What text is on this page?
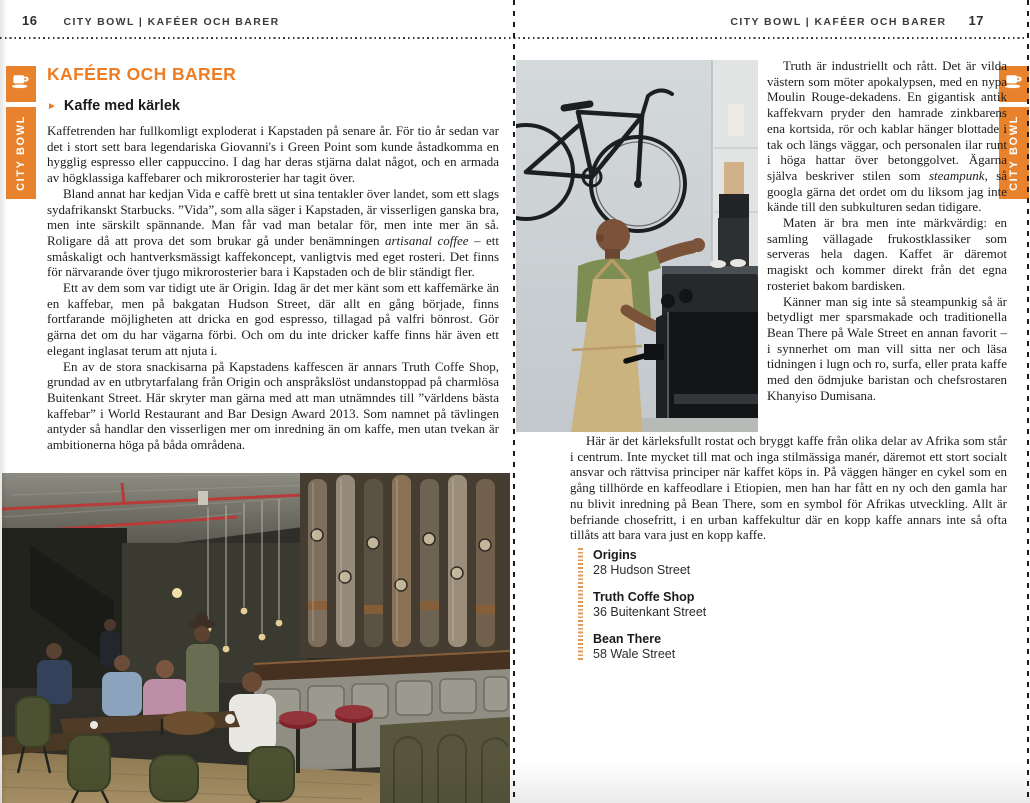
16 CITY BOWL | KAFÉER OCH BARER	CITY BOWL | KAFÉER OCH BARER 17
CITY BOWL	CITY BOWL
KAFÉER OCH BARER
► Kaffe med kärlek

Kaffetrenden har fullkomligt exploderat i Kapstaden på senare år. För tio år sedan var det i stort sett bara legendariska Giovanni's i Green Point som kunde åstadkomma en hygglig espresso eller cappuccino. I dag har deras stjärna dalat något, och en armada av högklassiga kaffebarer och mikrorosterier har tagit över.

Bland annat har kedjan Vida e caffè brett ut sina tentakler över landet, som ett slags sydafrikanskt Starbucks. ”Vida”, som alla säger i Kapstaden, är visserligen ganska bra, men inte särskilt spännande. Man får vad man betalar för, men inte mer än så. Roligare då att prova det som brukar gå under benämningen artisanal coffee – ett småskaligt och hantverksmässigt kaffekoncept, vanligtvis med eget rosteri. Det finns för närvarande över tjugo mikrorosterier bara i Kapstaden och de blir ständigt fler.

Ett av dem som var tidigt ute är Origin. Idag är det mer känt som ett kaffemärke än en kaffebar, men på bakgatan Hudson Street, där allt en gång började, finns fortfarande möjligheten att dricka en god espresso, tillagad på valfri bönrost. Gör gärna det om du har vägarna förbi. Och om du inte dricker kaffe finns här även ett elegant inglasat terum att njuta i.

En av de stora snackisarna på Kapstadens kaffescen är annars Truth Coffe Shop, grundad av en utbrytarfalang från Origin och anspråkslöst undanstoppad på charmlösa Buitenkant Street. Här skryter man gärna med att man utnämndes till ”världens bästa kaffebar” i World Restaurant and Bar Design Award 2013. Som namnet på tävlingen antyder så handlar den visserligen mer om inredning än om kaffe, men utan tvekan är ambitionerna höga på båda områdena.

Truth är industriellt och rått. Det är vilda västern som möter apokalypsen, med en nypa Moulin Rouge-dekadens. En gigantisk antik kaffekvarn pryder den hamrade zinkbarens ena kortsida, rör och kablar hänger blottade i tak och längs väggar, och personalen ilar runt i höga hattar över betonggolvet. Ägarna själva beskriver stilen som steampunk, så googla gärna det ordet om du liksom jag inte kände till den subkulturen sedan tidigare.

Maten är bra men inte märkvärdig: en samling vällagade frukostklassiker som serveras hela dagen. Kaffet är däremot magiskt och kommer direkt från det egna rosteriet bakom bardisken.

Känner man sig inte så steampunkig så är betydligt mer sparsmakade och traditionella Bean There på Wale Street en annan favorit – i synnerhet om man vill sitta ner och läsa tidningen i lugn och ro, surfa, eller prata kaffe med den ödmjuke baristan och chefsrostaren Khanyiso Dumisana.

Här är det kärleksfullt rostat och bryggt kaffe från olika delar av Afrika som står i centrum. Inte mycket till mat och inga stilmässiga manér, däremot ett stort socialt ansvar och rättvisa principer när kaffet köps in. På väggen hänger en cykel som en gång tillhörde en kaffeodlare i Etiopien, men han har fått en ny och den gamla har nu blivit inredning på Bean There, som en symbol för Afrikas utveckling. Allt är befriande chosefritt, i en urban kaffekultur där en kopp kaffe annars inte så ofta tillåts att bara vara just en kopp kaffe.

Origins
28 Hudson Street
Truth Coffe Shop
36 Buitenkant Street
Bean There
58 Wale Street
